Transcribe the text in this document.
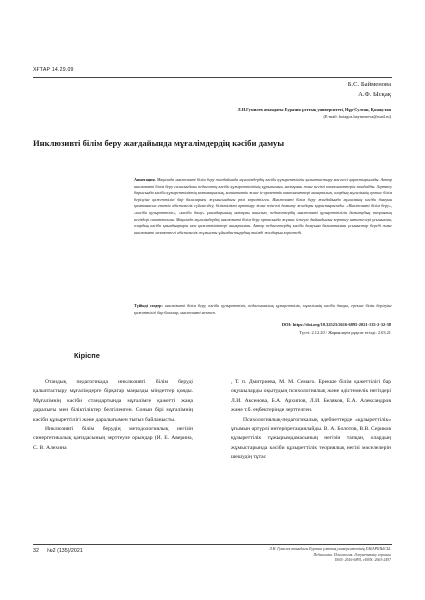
ХҒТАР 14.29.09
Б.С. Байменова
А.Ф. Ысқақ
Л.Н.Гумилев атындағы Еуразия ұлттық университеті, Нұр-Султан, Қазақстан
(E-mail: botagoz.baymenova@mail.ru)
Инклюзивті білім беру жағдайында мұғалімдердің кәсіби дамуы
Аннотация. Мақалада инклюзивті білім беру жағдайында мұғалімдердің кәсіби құзыреттілігін қалыптастыру мәселесі қарастырылады. Автор инклюзивті білім беру саласындағы педагогтің кәсіби құзыреттілігінің құрылымын, мазмұнын және негізгі компоненттерін талдайды. Зерттеу барысында кәсіби құзыреттіліктің мотивациялық, когнитивтік және іс-әрекеттік компоненттері анықталып, олардың мұғалімнің ерекше білім берілуіне қажеттілігі бар балалармен жұмысындағы рөлі көрсетілген. Инклюзивті білім беру жағдайында мұғалімнің кәсіби дамуын қамтамасыз ететін әдістемелік сүйемелдеу, біліктілікті арттыру және өзін-өзі дамыту жолдары қарастырылады. «Инклюзивті білім беру», «кәсіби құзыреттілік», «кәсіби даму» ұғымдарының мазмұны ашылып, педагогтердің инклюзивті құзыреттілігін дамытудың теориялық негіздері сипатталған. Мақалада мұғалімдердің инклюзивті білім беру ортасында жұмыс істеуге дайындығын зерттеу нәтижелері ұсынылған, олардың кәсіби қиындықтары мен қажеттіліктері анықталған. Автор педагогтердің кәсіби дамуына бағытталған ұсыныстар береді және инклюзивті мектептегі әдістемелік жұмысты ұйымдастырудың тиімді жолдарын көрсетеді.
Түйінді сөздер: инклюзивті білім беру, кәсіби құзыреттілік, педагогикалық құзыреттілік, мұғалімнің кәсіби дамуы, ерекше білім берілуіне қажеттілігі бар балалар, инклюзивті мектеп.
DOI: https://doi.org/10.32523/2616-6895-2021-135-2-32-38
Түсті: 2.12.20 / Жариялауға рұқсат етілді: 2.03.21
Кіріспе

Отандық педагогикада инклюзивті білім беруді қалыптастыру мұғалімдерге бірқатар маңызды міндеттер қояды. Мұғалімнің кәсіби стандартында мұғалімге қажетті жаңа даралығы мен біліктіліктер белгіленген. Сонын бірі мұғалімнің кәсіби құзыреттілігі және даралығымен тығыз байланысты.

Инклюзивті білім берудің методологиялық негізін синергетикалық қағидасының зерттеуле орындар (И. Е. Аверина, С. В. Алехина

, Т. п. Дмитриева, М. М. Семаго. Ерекше білім қажеттілігі бар оқушыларды оқытудың психологиялық және әдістемелік негіздері Л.И. Аксенова, Б.А. Архипов, Л.И. Беляков, Е.А. Александров және т.б. еңбектерінде зерттелген.

Психологиялық-педагогикалық әдебиеттерде «құзыреттілік» ұғымын әртүрлі интерпретациялайды. В. А. Болотов, В.В. Сериков құзыреттілік тұжырымдамасының негізін тапқан, олардың жұмыстарында кәсіби құзыреттілік теориялық негізі мәселелерін шешудің тұтас

32 №2 (135)/2021	Л.Н. Гумилев атындағы Еуразия ұлттық университетінің ХАБАРШЫСЫ.
Педагогика. Психология. Әлеуметтану сериясы
ISSN: 2616-6895, eISSN: 2663-2497
